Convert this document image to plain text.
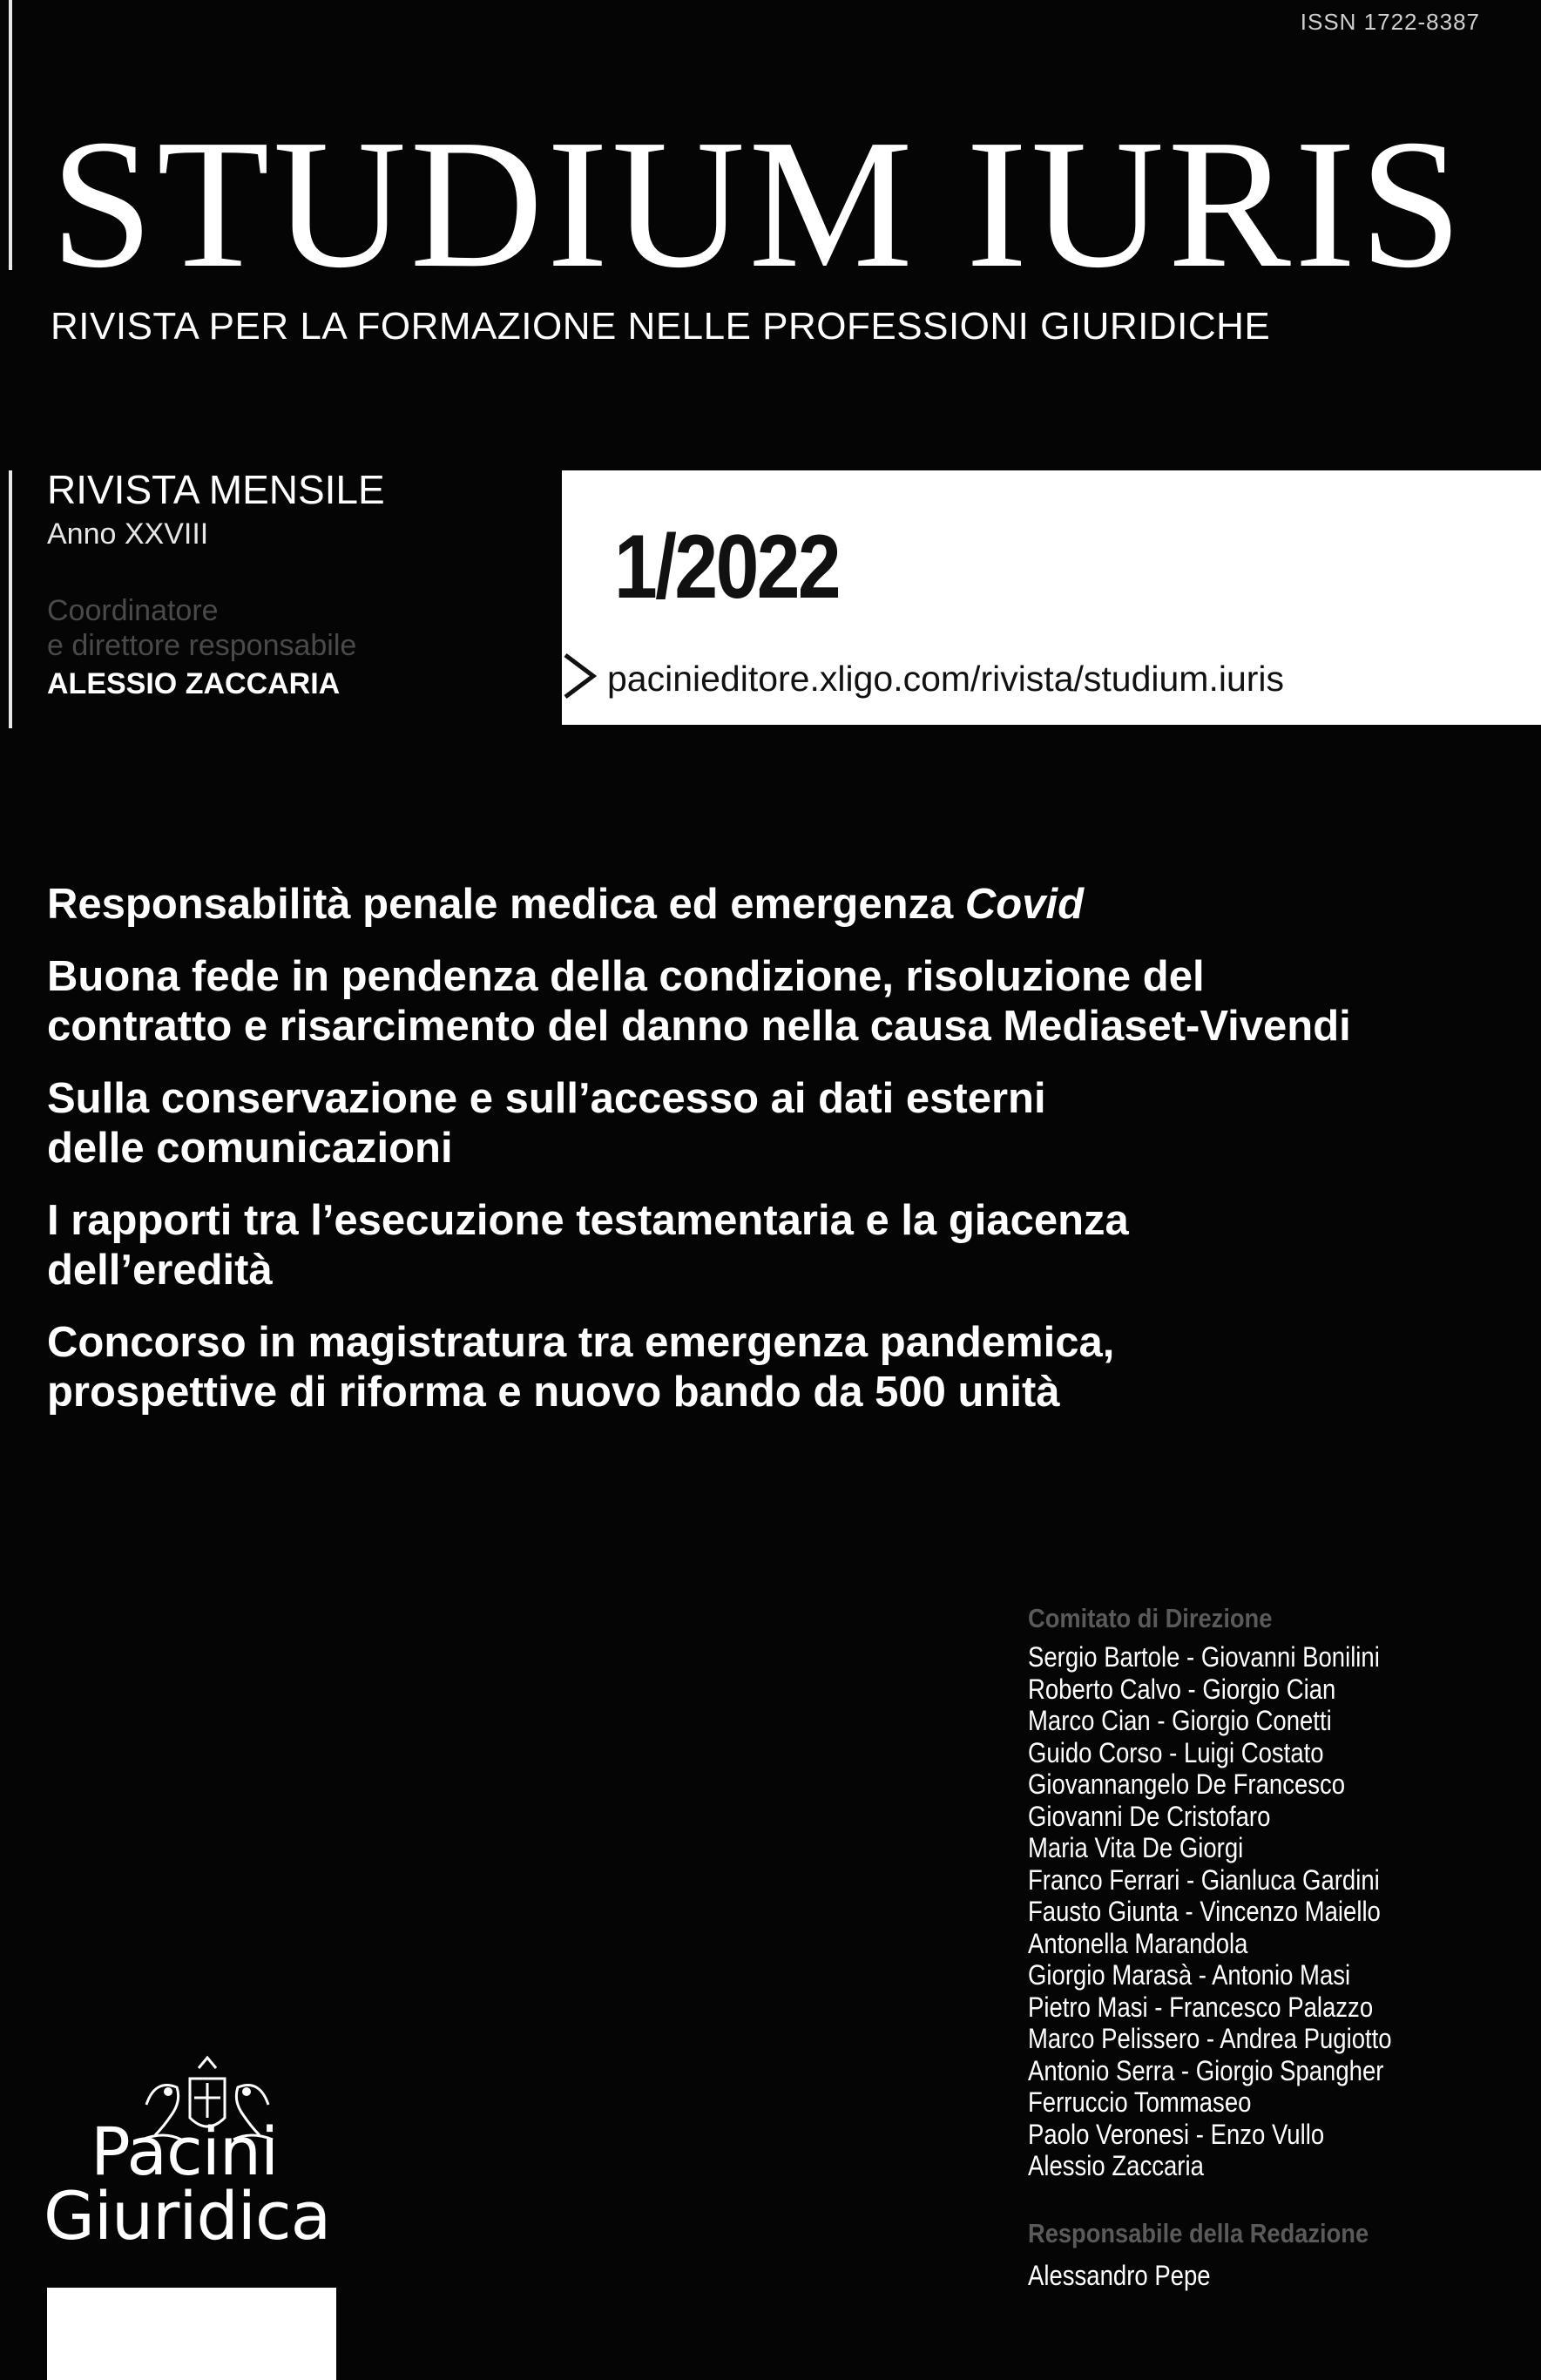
ISSN 1722-8387
STUDIUM IURIS
RIVISTA PER LA FORMAZIONE NELLE PROFESSIONI GIURIDICHE
RIVISTA MENSILE
Anno XXVIII
Coordinatore
e direttore responsabile
ALESSIO ZACCARIA
1/2022
pacinieditore.xligo.com/rivista/studium.iuris
Responsabilità penale medica ed emergenza Covid
Buona fede in pendenza della condizione, risoluzione del
contratto e risarcimento del danno nella causa Mediaset-Vivendi
Sulla conservazione e sull’accesso ai dati esterni
delle comunicazioni
I rapporti tra l’esecuzione testamentaria e la giacenza
dell’eredità
Concorso in magistratura tra emergenza pandemica,
prospettive di riforma e nuovo bando da 500 unità
Comitato di Direzione
Sergio Bartole - Giovanni Bonilini
Roberto Calvo - Giorgio Cian
Marco Cian - Giorgio Conetti
Guido Corso - Luigi Costato
Giovannangelo De Francesco
Giovanni De Cristofaro
Maria Vita De Giorgi
Franco Ferrari - Gianluca Gardini
Fausto Giunta - Vincenzo Maiello
Antonella Marandola
Giorgio Marasà - Antonio Masi
Pietro Masi - Francesco Palazzo
Marco Pelissero - Andrea Pugiotto
Antonio Serra - Giorgio Spangher
Ferruccio Tommaseo
Paolo Veronesi - Enzo Vullo
Alessio Zaccaria
Responsabile della Redazione
Alessandro Pepe
Pacini
Giuridica
